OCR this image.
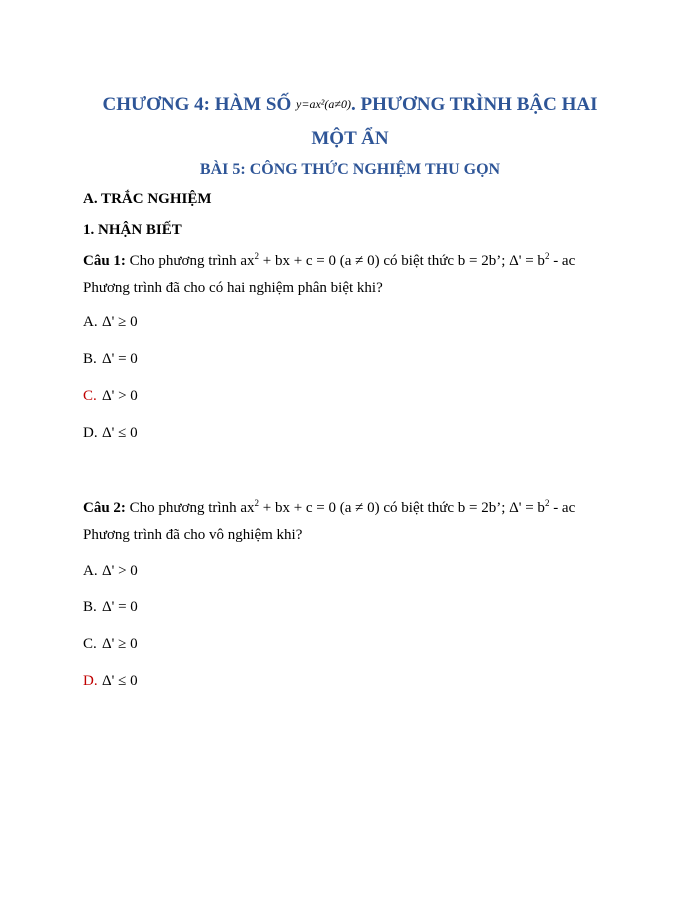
CHƯƠNG 4: HÀM SỐ y=ax²(a≠0). PHƯƠNG TRÌNH BẬC HAI
MỘT ẨN
BÀI 5: CÔNG THỨC NGHIỆM THU GỌN
A. TRẮC NGHIỆM
1. NHẬN BIẾT
Câu 1: Cho phương trình $ax^2$ + bx + c = 0 (a ≠ 0) có biệt thức b = 2b’; $\Delta' = b^2$ - ac
Phương trình đã cho có hai nghiệm phân biệt khi?
A. Δ' ≥ 0
B. Δ' = 0
C. Δ' > 0
D. Δ' ≤ 0
Câu 2: Cho phương trình $ax^2$ + bx + c = 0 (a ≠ 0) có biệt thức b = 2b’; $\Delta' = b^2$ - ac
Phương trình đã cho vô nghiệm khi?
A. Δ' > 0
B. Δ' = 0
C. Δ' ≥ 0
D. Δ' ≤ 0
